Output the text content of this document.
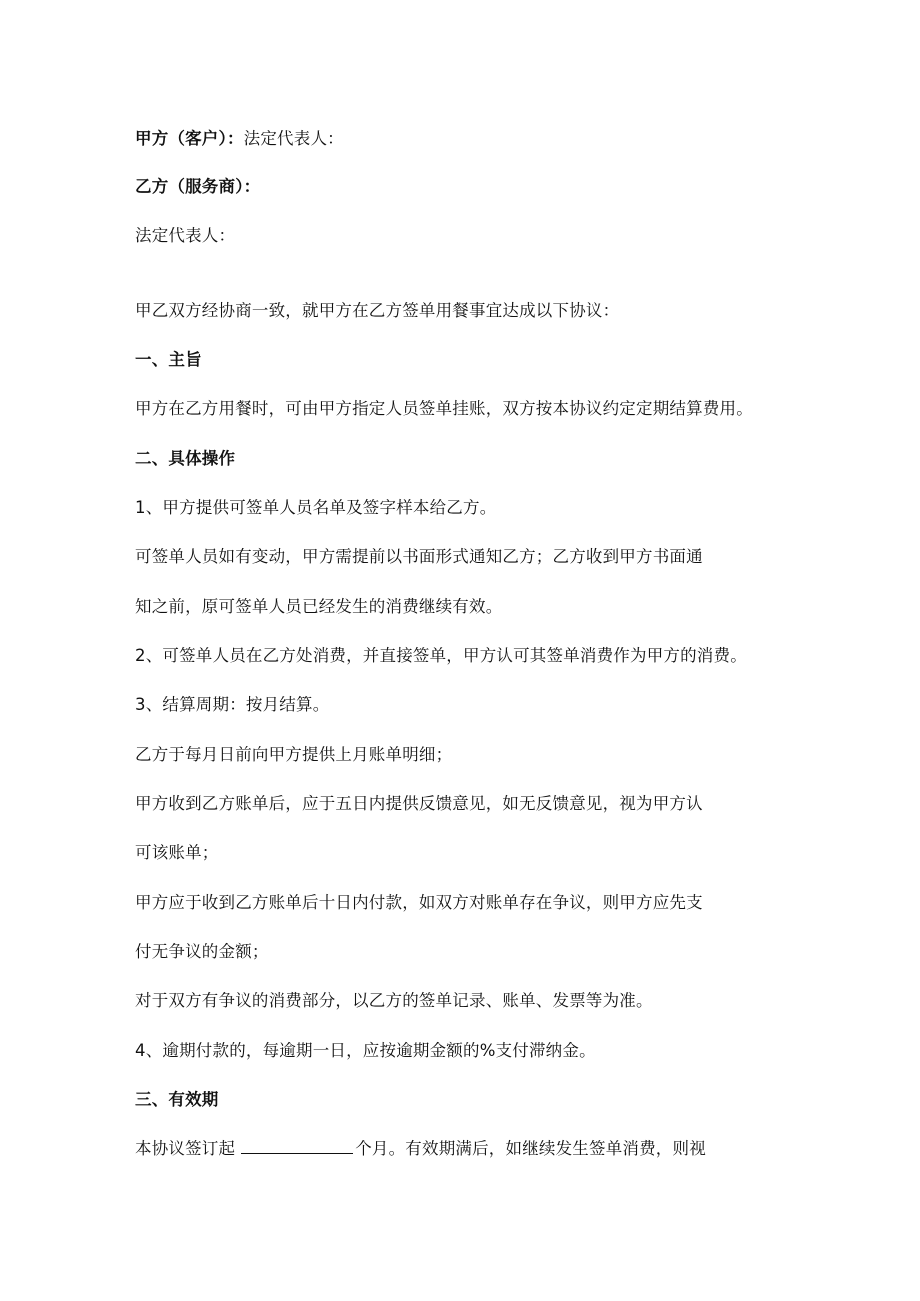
甲方（客户）：法定代表人：
乙方（服务商）：
法定代表人：
甲乙双方经协商一致，就甲方在乙方签单用餐事宜达成以下协议：
一、主旨
甲方在乙方用餐时，可由甲方指定人员签单挂账，双方按本协议约定定期结算费用。
二、具体操作
1、甲方提供可签单人员名单及签字样本给乙方。
可签单人员如有变动，甲方需提前以书面形式通知乙方；乙方收到甲方书面通
知之前，原可签单人员已经发生的消费继续有效。
2、可签单人员在乙方处消费，并直接签单，甲方认可其签单消费作为甲方的消费。
3、结算周期：按月结算。
乙方于每月日前向甲方提供上月账单明细；
甲方收到乙方账单后，应于五日内提供反馈意见，如无反馈意见，视为甲方认
可该账单；
甲方应于收到乙方账单后十日内付款，如双方对账单存在争议，则甲方应先支
付无争议的金额；
对于双方有争议的消费部分，以乙方的签单记录、账单、发票等为准。
4、逾期付款的，每逾期一日，应按逾期金额的%支付滞纳金。
三、有效期
本协议签订起	个月。有效期满后，如继续发生签单消费，则视
